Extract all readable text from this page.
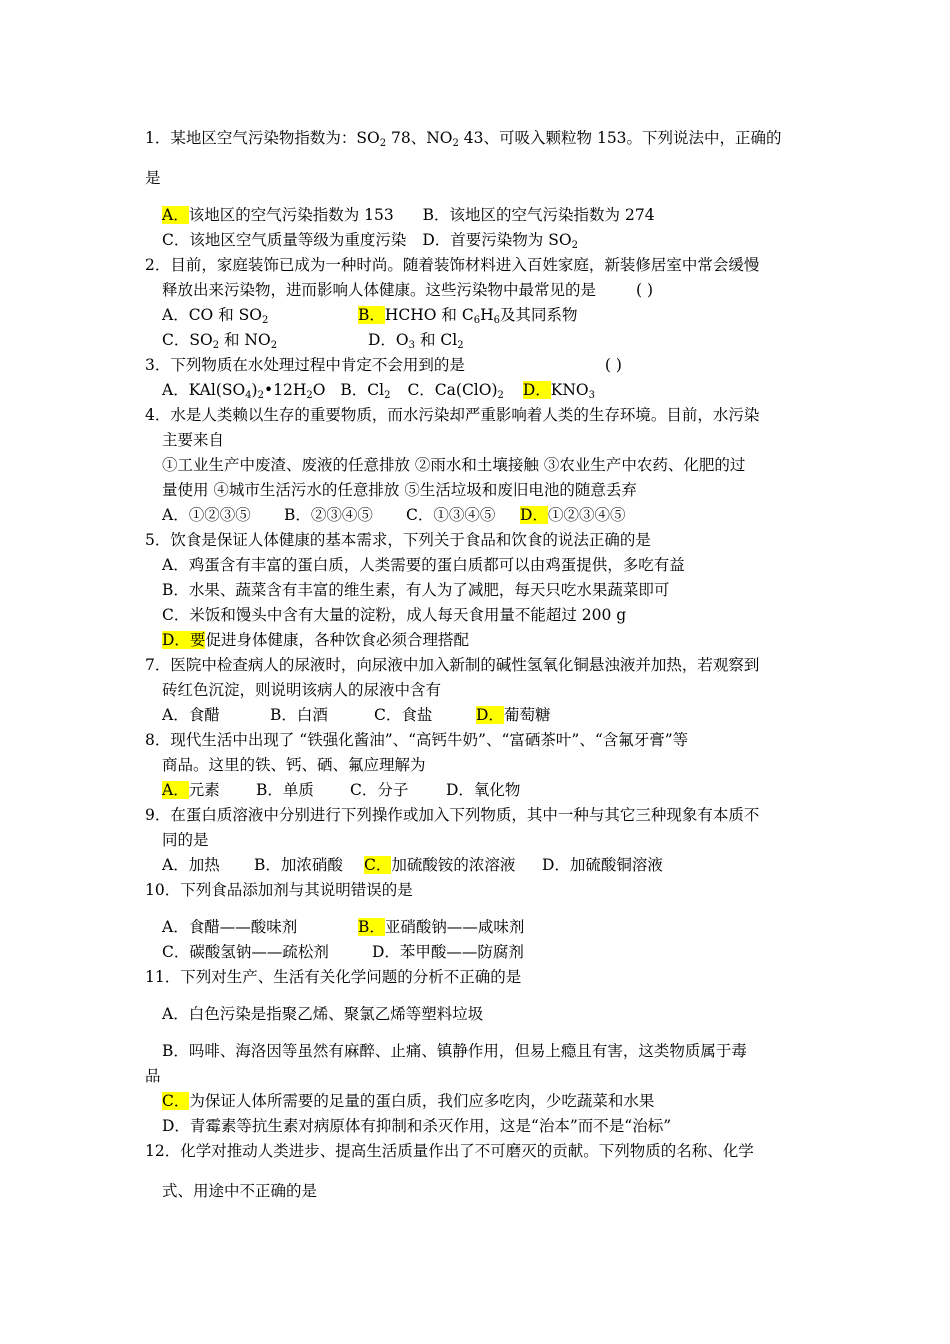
1．某地区空气污染物指数为：$SO_2$ 78、$NO_2$ 43、可吸入颗粒物 153。下列说法中，正确的
是
A．该地区的空气污染指数为 153 B．该地区的空气污染指数为 274
C．该地区空气质量等级为重度污染 D．首要污染物为 $SO_2$
2．目前，家庭装饰已成为一种时尚。随着装饰材料进入百姓家庭，新装修居室中常会缓慢
释放出来污染物，进而影响人体健康。这些污染物中最常见的是	( )
A．CO 和 $SO_2$	B．HCHO 和 $C_6H_6$及其同系物
C．$SO_2$ 和 $NO_2$	D．$O_3$ 和 $Cl_2$
3．下列物质在水处理过程中肯定不会用到的是	( )
A．$KAl(SO_4)_2•12H_2O$ B．$Cl_2$ C．$Ca(ClO)_2$ D．$KNO_3$
4．水是人类赖以生存的重要物质，而水污染却严重影响着人类的生存环境。目前，水污染
主要来自
①工业生产中废渣、废液的任意排放 ②雨水和土壤接触 ③农业生产中农药、化肥的过
量使用 ④城市生活污水的任意排放 ⑤生活垃圾和废旧电池的随意丢弃
A．①②③⑤ B．②③④⑤ C．①③④⑤ D．①②③④⑤
5．饮食是保证人体健康的基本需求，下列关于食品和饮食的说法正确的是
A．鸡蛋含有丰富的蛋白质，人类需要的蛋白质都可以由鸡蛋提供，多吃有益
B．水果、蔬菜含有丰富的维生素，有人为了减肥，每天只吃水果蔬菜即可
C．米饭和馒头中含有大量的淀粉，成人每天食用量不能超过 200 g
D．要促进身体健康，各种饮食必须合理搭配
7．医院中检查病人的尿液时，向尿液中加入新制的碱性氢氧化铜悬浊液并加热，若观察到
砖红色沉淀，则说明该病人的尿液中含有
A．食醋	B．白酒	C．食盐	D．葡萄糖
8．现代生活中出现了 “铁强化酱油”、“高钙牛奶”、“富硒茶叶”、“含氟牙膏”等
商品。这里的铁、钙、硒、氟应理解为
A．元素 B．单质 C．分子 D．氧化物
9．在蛋白质溶液中分别进行下列操作或加入下列物质，其中一种与其它三种现象有本质不
同的是
A．加热 B．加浓硝酸 C．加硫酸铵的浓溶液 D．加硫酸铜溶液
10．下列食品添加剂与其说明错误的是
A．食醋——酸味剂	B．亚硝酸钠——咸味剂
C．碳酸氢钠——疏松剂	D．苯甲酸——防腐剂
11．下列对生产、生活有关化学问题的分析不正确的是
A．白色污染是指聚乙烯、聚氯乙烯等塑料垃圾
B．吗啡、海洛因等虽然有麻醉、止痛、镇静作用，但易上瘾且有害，这类物质属于毒
品
C．为保证人体所需要的足量的蛋白质，我们应多吃肉，少吃蔬菜和水果
D．青霉素等抗生素对病原体有抑制和杀灭作用，这是“治本”而不是“治标”
12．化学对推动人类进步、提高生活质量作出了不可磨灭的贡献。下列物质的名称、化学
式、用途中不正确的是
